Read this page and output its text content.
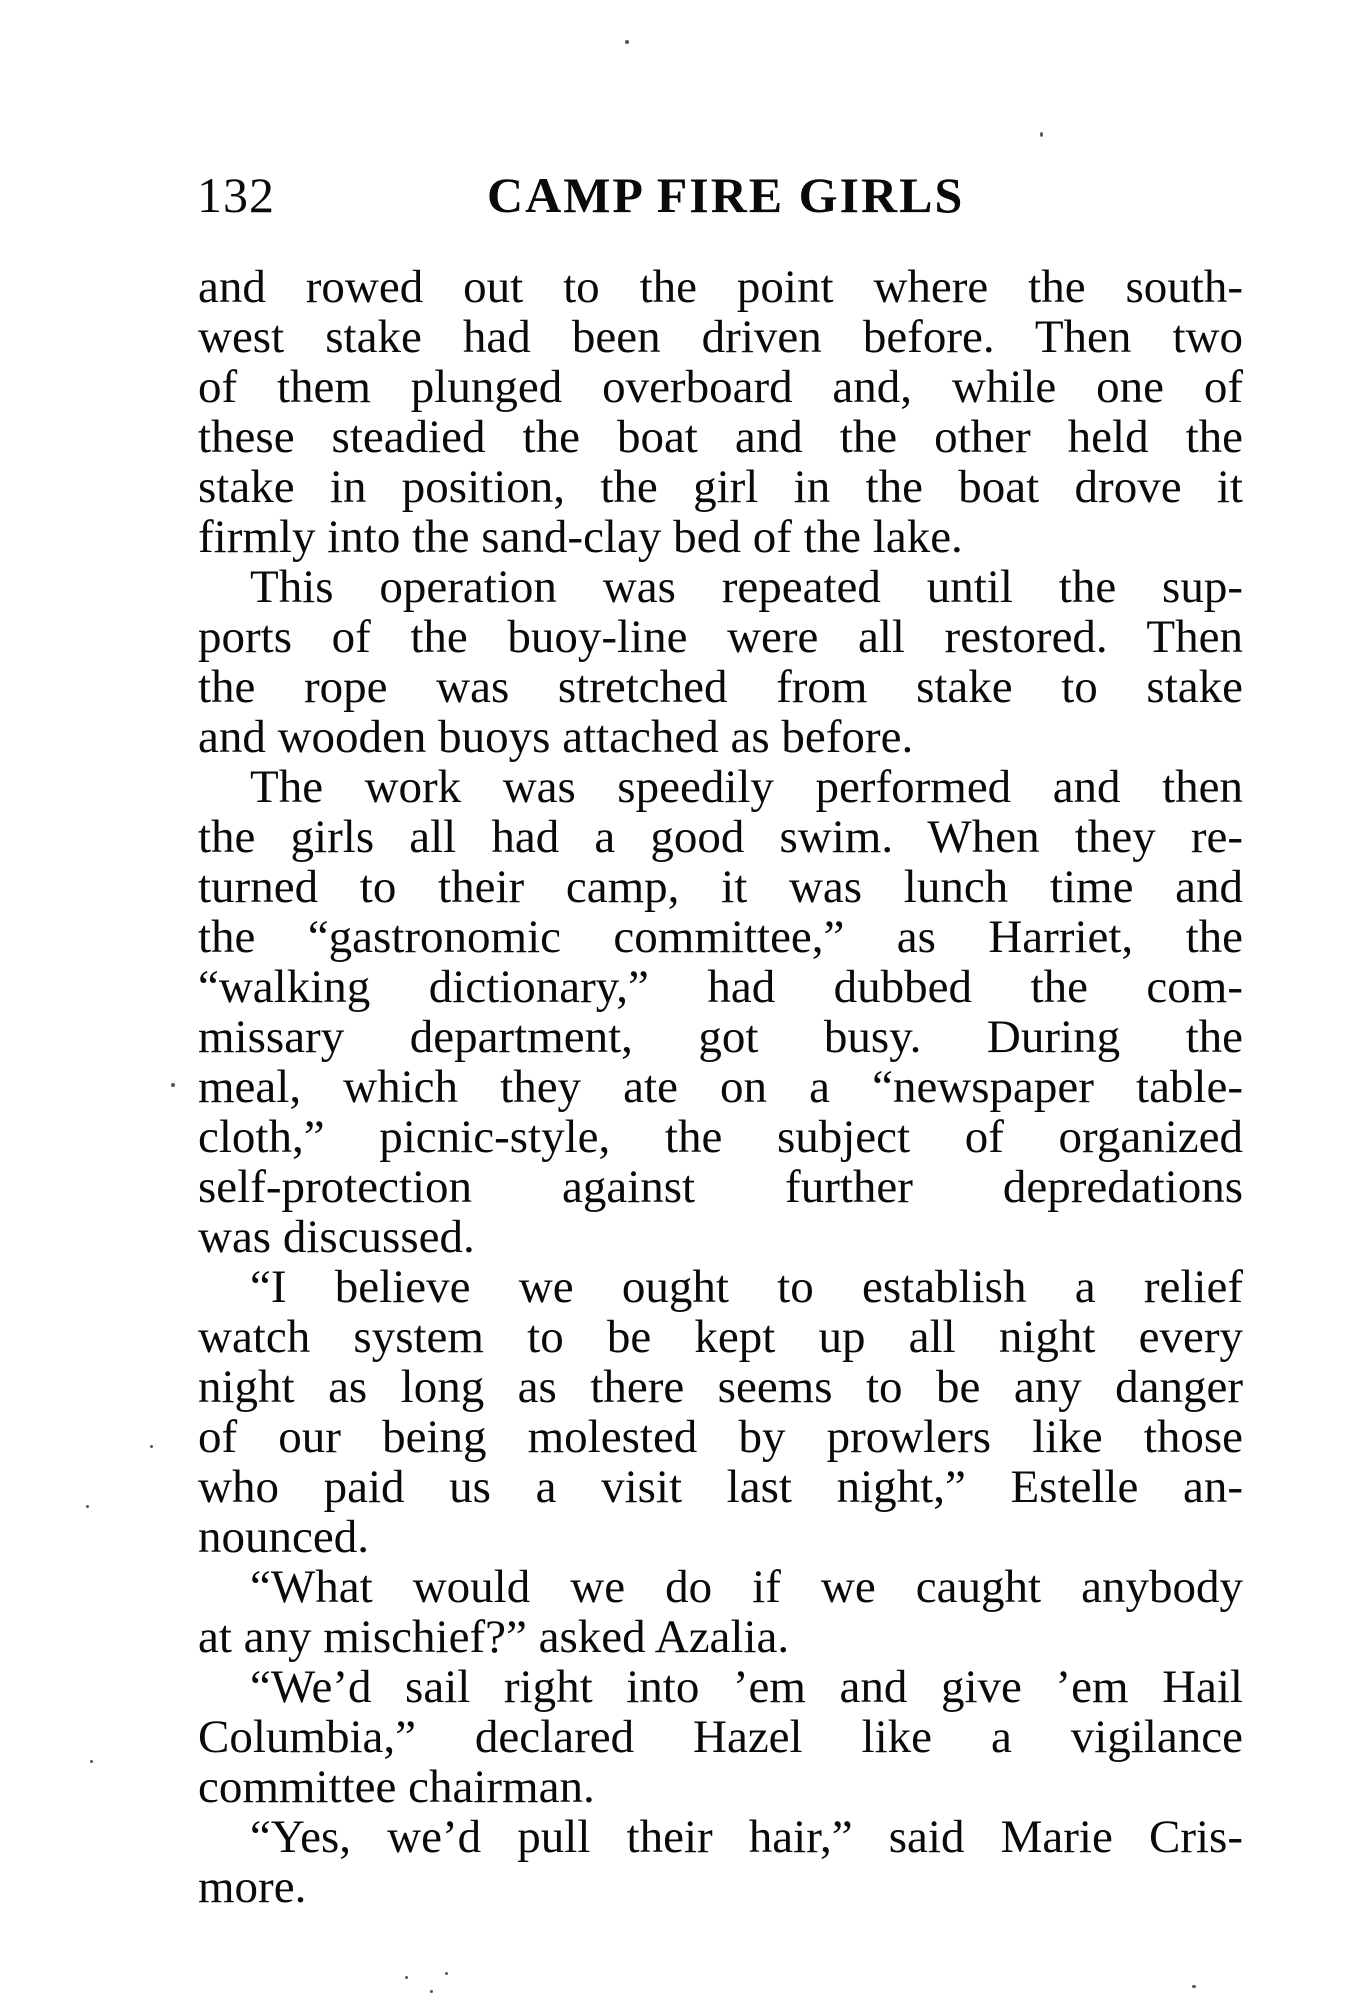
132	CAMP FIRE GIRLS
and rowed out to the point where the south-
west stake had been driven before. Then two
of them plunged overboard and, while one of
these steadied the boat and the other held the
stake in position, the girl in the boat drove it
firmly into the sand-clay bed of the lake.
This operation was repeated until the sup-
ports of the buoy-line were all restored. Then
the rope was stretched from stake to stake
and wooden buoys attached as before.
The work was speedily performed and then
the girls all had a good swim. When they re-
turned to their camp, it was lunch time and
the “gastronomic committee,” as Harriet, the
“walking dictionary,” had dubbed the com-
missary department, got busy. During the
meal, which they ate on a “newspaper table-
cloth,” picnic-style, the subject of organized
self-protection against further depredations
was discussed.
“I believe we ought to establish a relief
watch system to be kept up all night every
night as long as there seems to be any danger
of our being molested by prowlers like those
who paid us a visit last night,” Estelle an-
nounced.
“What would we do if we caught anybody
at any mischief?” asked Azalia.
“We’d sail right into ’em and give ’em Hail
Columbia,” declared Hazel like a vigilance
committee chairman.
“Yes, we’d pull their hair,” said Marie Cris-
more.
